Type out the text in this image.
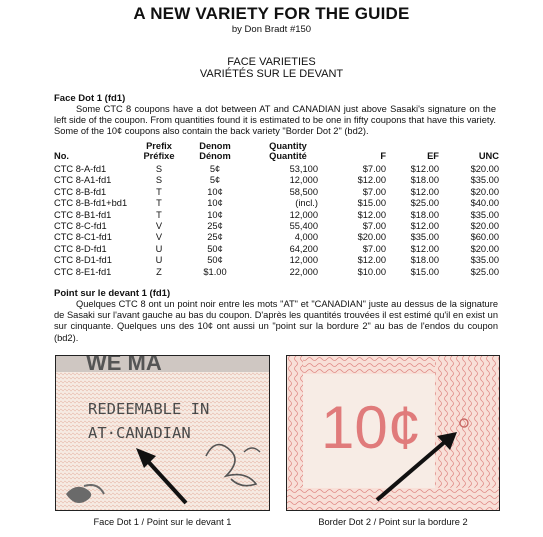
A NEW VARIETY FOR THE GUIDE
by Don Bradt #150
FACE VARIETIES
VARIÉTÉS SUR LE DEVANT
Face Dot 1 (fd1)
Some CTC 8 coupons have a dot between AT and CANADIAN just above Sasaki's signature on the left side of the coupon. From quantities found it is estimated to be one in fifty coupons that have this variety. Some of the 10¢ coupons also contain the back variety "Border Dot 2" (bd2).
	Prefix	Denom	Quantity			
No.	Préfixe	Dénom	Quantité	F	EF	UNC

CTC 8-A-fd1	S	5¢	53,100	$7.00	$12.00	$20.00
CTC 8-A1-fd1	S	5¢	12,000	$12.00	$18.00	$35.00
CTC 8-B-fd1	T	10¢	58,500	$7.00	$12.00	$20.00
CTC 8-B-fd1+bd1	T	10¢	(incl.)	$15.00	$25.00	$40.00
CTC 8-B1-fd1	T	10¢	12,000	$12.00	$18.00	$35.00
CTC 8-C-fd1	V	25¢	55,400	$7.00	$12.00	$20.00
CTC 8-C1-fd1	V	25¢	4,000	$20.00	$35.00	$60.00
CTC 8-D-fd1	U	50¢	64,200	$7.00	$12.00	$20.00
CTC 8-D1-fd1	U	50¢	12,000	$12.00	$18.00	$35.00
CTC 8-E1-fd1	Z	$1.00	22,000	$10.00	$15.00	$25.00
Point sur le devant 1 (fd1)
Quelques CTC 8 ont un point noir entre les mots "AT" et "CANADIAN" juste au dessus de la signature de Sasaki sur l'avant gauche au bas du coupon. D'après les quantités trouvées il est estimé qu'il en exist un sur cinquante. Quelques uns des 10¢ ont aussi un "point sur la bordure 2" au bas de l'endos du coupon (bd2).
WE MA
REDEEMABLE IN
AT·CANADIAN
Face Dot 1 / Point sur le devant 1
10¢
Border Dot 2 / Point sur la bordure 2
